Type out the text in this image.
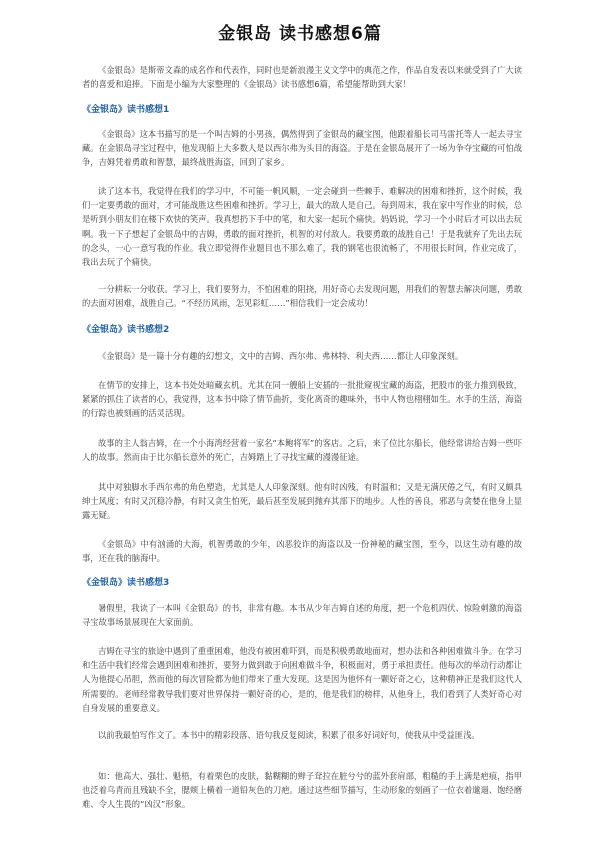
金银岛 读书感想6篇

《金银岛》是斯蒂文森的成名作和代表作，同时也是新浪漫主义文学中的典范之作，作品自发表以来就受到了广大读者的喜爱和追捧。下面是小编为大家整理的《金银岛》读书感想6篇，希望能帮助到大家！

《金银岛》读书感想1

《金银岛》这本书描写的是一个叫吉姆的小男孩，偶然得到了金银岛的藏宝图，他跟着船长司马雷托等人一起去寻宝藏。在金银岛寻宝过程中，他发现船上大多数人是以西尔弗为头目的海盗。于是在金银岛展开了一场为争夺宝藏的可怕战争，吉姆凭着勇敢和智慧，最终战胜海盗，回到了家乡。

读了这本书，我觉得在我们的学习中，不可能一帆风顺，一定会碰到一些棘手、难解决的困难和挫折，这个时候，我们一定要勇敢的面对，才可能战胜这些困难和挫折。学习上，最大的敌人是自己。每到周末，我在家中写作业的时候，总是听到小朋友们在楼下欢快的笑声。我真想扔下手中的笔，和大家一起玩个痛快。妈妈说，学习一个小时后才可以出去玩啊。我一下子想起了金银岛中的吉姆，勇敢的面对挫折，机智的对付敌人。我要勇敢的战胜自己！于是我就弃了先出去玩的念头，一心一意写我的作业。我立即觉得作业题目也不那么难了，我的钢笔也很流畅了，不用很长时间，作业完成了，我出去玩了个痛快。

一分耕耘一分收获。学习上，我们要努力，不怕困难的阻挠，用好奇心去发现问题，用我们的智慧去解决问题，勇敢的去面对困难，战胜自己。“不经历风雨，怎见彩虹……”相信我们一定会成功！

《金银岛》读书感想2

《金银岛》是一篇十分有趣的幻想文，文中的吉姆、西尔弗、弗林特、利夫西……都让人印象深刻。

在情节的安排上，这本书处处暗藏玄机。尤其在同一艘船上安插的一批批窥视宝藏的海盗，把股市的张力推到极致，紧紧的抓住了读者的心，我觉得，这本书中除了情节曲折，变化离奇的趣味外，书中人物也栩栩如生。水手的生活，海盗的行踪也被刻画的活灵活现。

故事的主人翁吉姆，在一个小海湾经营着一家名“本鲍将军”的客店。之后，来了位比尔船长，他经常讲给吉姆一些吓人的故事。然而由于比尔船长意外的死亡，吉姆踏上了寻找宝藏的漫漫征途。

其中对独脚水手西尔弗的角色塑造，尤其是人人印象深刻。他有时凶残，有时温和；又是无满厌倦之气，有时又颇具绅士风度；有时又沉稳冷静，有时又贪生怕死，最后甚至发展到抛弃其部下的地步。人性的善良，邪恶与贪婪在他身上显露无疑。

《金银岛》中有汹涌的大海，机智勇敢的少年，凶恶狡诈的海盗以及一份神秘的藏宝图，至今，以这生动有趣的故事，还在我的脑海中。

《金银岛》读书感想3

暑假里，我读了一本叫《金银岛》的书，非常有趣。本书从少年吉姆自述的角度，把一个危机四伏、惊险刺激的海盗寻宝故事场景展现在大家面前。

吉姆在寻宝的旅途中遇到了重重困难，他没有被困难吓到，而是积极勇敢地面对，想办法和各种困难做斗争。在学习和生活中我们经常会遇到困难和挫折，要努力做到敢于向困难做斗争，积极面对，勇于承担责任。他每次的举动行动都让人为他提心吊胆，然而他的每次冒险都为他们带来了重大发现。这是因为他怀有一颗好奇之心，这种精神正是我们这代人所需要的。老师经常教导我们要对世界保持一颗好奇的心，是的，他是我们的榜样，从他身上，我们看到了人类好奇心对自身发展的重要意义。

以前我最怕写作文了。本书中的精彩段落、语句我反复阅读，积累了很多好词好句，使我从中受益匪浅。

如：他高大、强壮、魁梧，有着栗色的皮肤，黏糊糊的辫子耷拉在脏兮兮的蓝外套肩部，粗糙的手上满是疤痕，指甲也泛着乌青而且残缺不全，腮颊上横着一道铅灰色的刀疤。通过这些细节描写，生动形象的刻画了一位衣着邋遢、饱经磨难、令人生畏的“凶汉”形象。
